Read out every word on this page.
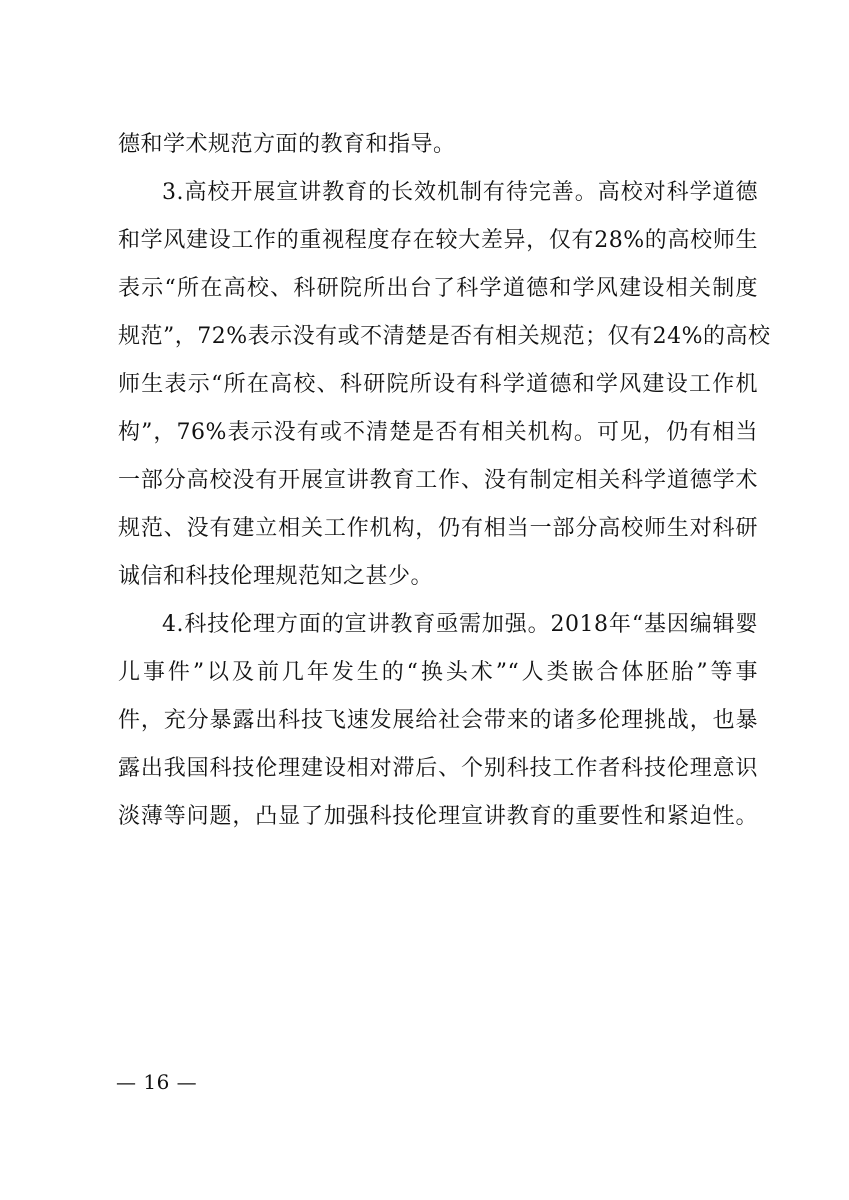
德和学术规范方面的教育和指导。
3.高校开展宣讲教育的长效机制有待完善。高校对科学道德
和学风建设工作的重视程度存在较大差异，仅有28%的高校师生
表示“所在高校、科研院所出台了科学道德和学风建设相关制度
规范”，72%表示没有或不清楚是否有相关规范；仅有24%的高校
师生表示“所在高校、科研院所设有科学道德和学风建设工作机
构”，76%表示没有或不清楚是否有相关机构。可见，仍有相当
一部分高校没有开展宣讲教育工作、没有制定相关科学道德学术
规范、没有建立相关工作机构，仍有相当一部分高校师生对科研
诚信和科技伦理规范知之甚少。
4.科技伦理方面的宣讲教育亟需加强。2018年“基因编辑婴
儿事件”以及前几年发生的“换头术”“人类嵌合体胚胎”等事
件，充分暴露出科技飞速发展给社会带来的诸多伦理挑战，也暴
露出我国科技伦理建设相对滞后、个别科技工作者科技伦理意识
淡薄等问题，凸显了加强科技伦理宣讲教育的重要性和紧迫性。
— 16 —
